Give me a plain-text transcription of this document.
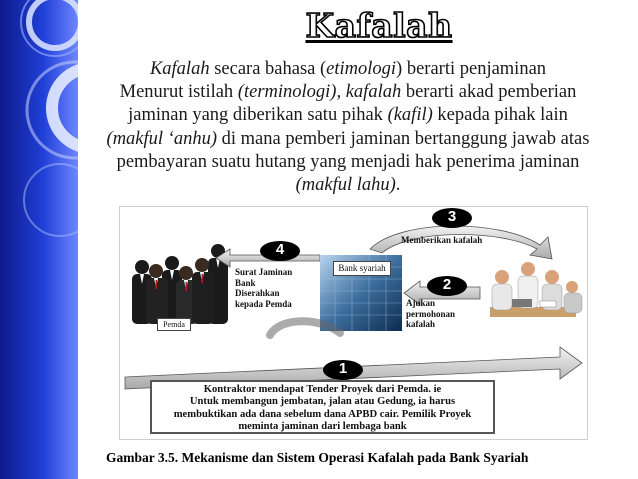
Kafalah
Kafalah secara bahasa (etimologi) berarti penjaminan
Menurut istilah (terminologi), kafalah berarti akad pemberian
jaminan yang diberikan satu pihak (kafil) kepada pihak lain
(makful ‘anhu) di mana pemberi jaminan bertanggung jawab atas
pembayaran suatu hutang yang menjadi hak penerima jaminan
(makful lahu).
3
2
4
1
Memberikan kafalah
Ajukan
permohonan
kafalah
Surat Jaminan
Bank
Diserahkan
kepada Pemda
Bank syariah
Pemda
Kontraktor mendapat Tender Proyek dari Pemda. ie
Untuk membangun jembatan, jalan atau Gedung, ia harus
membuktikan ada dana sebelum dana APBD cair. Pemilik Proyek
meminta jaminan dari lembaga bank
Gambar 3.5. Mekanisme dan Sistem Operasi Kafalah pada Bank Syariah
